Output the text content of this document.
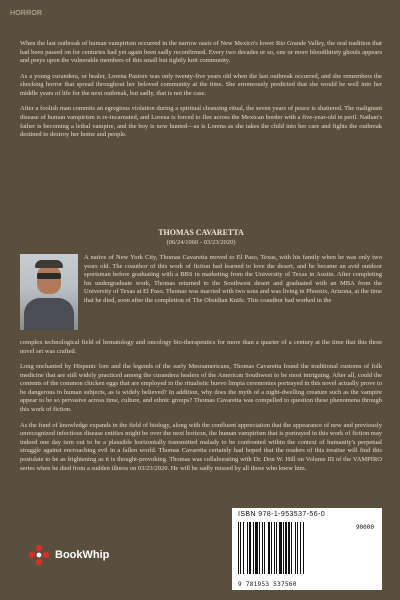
HORROR

When the last outbreak of human vampirism occurred in the narrow oasis of New Mexico's lower Rio Grande Valley, the oral tradition that had been passed on for centuries had yet again been sadly reconfirmed. Every two decades or so, one or more bloodthirsty ghouls appears and preys upon the vulnerable members of this small but tightly knit community.

As a young curandera, or healer, Lorena Pastore was only twenty-five years old when the last outbreak occurred, and she remembers the shocking horror that spread throughout her beloved community at the time. She erroneously predicted that she would be well into her middle years of life for the next outbreak, but sadly, that is not the case.

After a foolish man commits an egregious violation during a spiritual cleansing ritual, the seven years of peace is shattered. The malignant disease of human vampirism is re-incarnated, and Lorena is forced to flee across the Mexican border with a five-year-old in peril. Nathan's father is becoming a lethal vampire, and the boy is now hunted—as is Lorena as she takes the child into her care and fights the outbreak destined to destroy her home and people.

THOMAS CAVARETTA
(06/24/1960 - 03/23/2020)
A native of New York City, Thomas Cavaretta moved to El Paso, Texas, with his family when he was only two years old. The coauthor of this work of fiction had learned to love the desert, and he became an avid outdoor sportsman before graduating with a BBS in marketing from the University of Texas in Austin. After completing his undergraduate work, Thomas returned to the Southwest desert and graduated with an MBA from the University of Texas at El Paso. Thomas was married with two sons and was living in Phoenix, Arizona, at the time that he died, soon after the completion of The Obsidian Knife. This coauthor had worked in the

complex technological field of hematology and oncology bio-therapeutics for more than a quarter of a century at the time that this three novel set was crafted.

Long enchanted by Hispanic lore and the legends of the early Mesoamericans, Thomas Cavaretta found the traditional customs of folk medicine that are still widely practiced among the curandera healers of the American Southwest to be most intriguing. After all, could the contents of the common chicken eggs that are employed in the ritualistic huevo limpia ceremonies portrayed in this novel actually prove to be dangerous to human subjects, as is widely believed? In addition, why does the myth of a night-dwelling creature such as the vampire appear to be so pervasive across time, culture, and ethnic groups? Thomas Cavaretta was compelled to question these phenomena through this work of fiction.

As the fund of knowledge expands in the field of biology, along with the confluent appreciation that the appearance of new and previously unrecognized infectious disease entities might be over the next horizon, the human vampirism that is portrayed in this work of fiction may indeed one day turn out to be a plausible horizontally transmitted malady to be confronted within the context of humanity's perpetual struggle against encroaching evil in a fallen world. Thomas Cavaretta certainly had hoped that the readers of this treatise will find this postulate to be as frightening as it is thought-provoking. Thomas was collaborating with Dr. Don W. Hill on Volume III of the VAMPIRO series when he died from a sudden illness on 03/23/2020. He will be sadly missed by all those who knew him.

BookWhip
ISBN 978-1-953537-56-0
90000
9 781953 537560
